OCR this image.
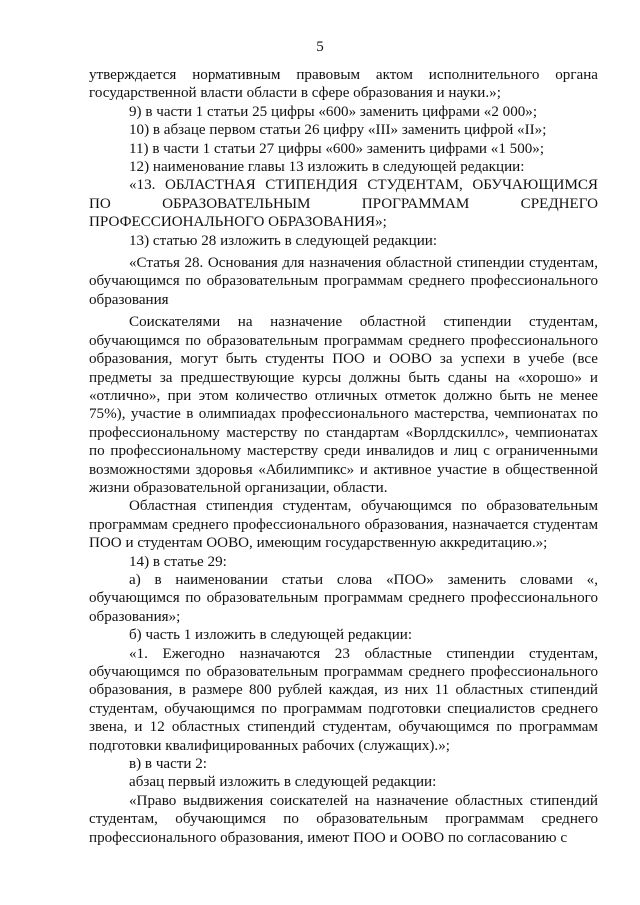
5

утверждается нормативным правовым актом исполнительного органа государственной власти области в сфере образования и науки.»;

9) в части 1 статьи 25 цифры «600» заменить цифрами «2 000»;

10) в абзаце первом статьи 26 цифру «III» заменить цифрой «II»;

11) в части 1 статьи 27 цифры «600» заменить цифрами «1 500»;

12) наименование главы 13 изложить в следующей редакции:

«13. ОБЛАСТНАЯ СТИПЕНДИЯ СТУДЕНТАМ, ОБУЧАЮЩИМСЯ ПО ОБРАЗОВАТЕЛЬНЫМ ПРОГРАММАМ СРЕДНЕГО ПРОФЕССИОНАЛЬНОГО ОБРАЗОВАНИЯ»;

13) статью 28 изложить в следующей редакции:

«Статья 28. Основания для назначения областной стипендии студентам, обучающимся по образовательным программам среднего профессионального образования

Соискателями на назначение областной стипендии студентам, обучающимся по образовательным программам среднего профессионального образования, могут быть студенты ПОО и ООВО за успехи в учебе (все предметы за предшествующие курсы должны быть сданы на «хорошо» и «отлично», при этом количество отличных отметок должно быть не менее 75%), участие в олимпиадах профессионального мастерства, чемпионатах по профессиональному мастерству по стандартам «Ворлдскиллс», чемпионатах по профессиональному мастерству среди инвалидов и лиц с ограниченными возможностями здоровья «Абилимпикс» и активное участие в общественной жизни образовательной организации, области.

Областная стипендия студентам, обучающимся по образовательным программам среднего профессионального образования, назначается студентам ПОО и студентам ООВО, имеющим государственную аккредитацию.»;

14) в статье 29:

а) в наименовании статьи слова «ПОО» заменить словами «, обучающимся по образовательным программам среднего профессионального образования»;

б) часть 1 изложить в следующей редакции:

«1. Ежегодно назначаются 23 областные стипендии студентам, обучающимся по образовательным программам среднего профессионального образования, в размере 800 рублей каждая, из них 11 областных стипендий студентам, обучающимся по программам подготовки специалистов среднего звена, и 12 областных стипендий студентам, обучающимся по программам подготовки квалифицированных рабочих (служащих).»;

в) в части 2:

абзац первый изложить в следующей редакции:

«Право выдвижения соискателей на назначение областных стипендий студентам, обучающимся по образовательным программам среднего профессионального образования, имеют ПОО и ООВО по согласованию с
